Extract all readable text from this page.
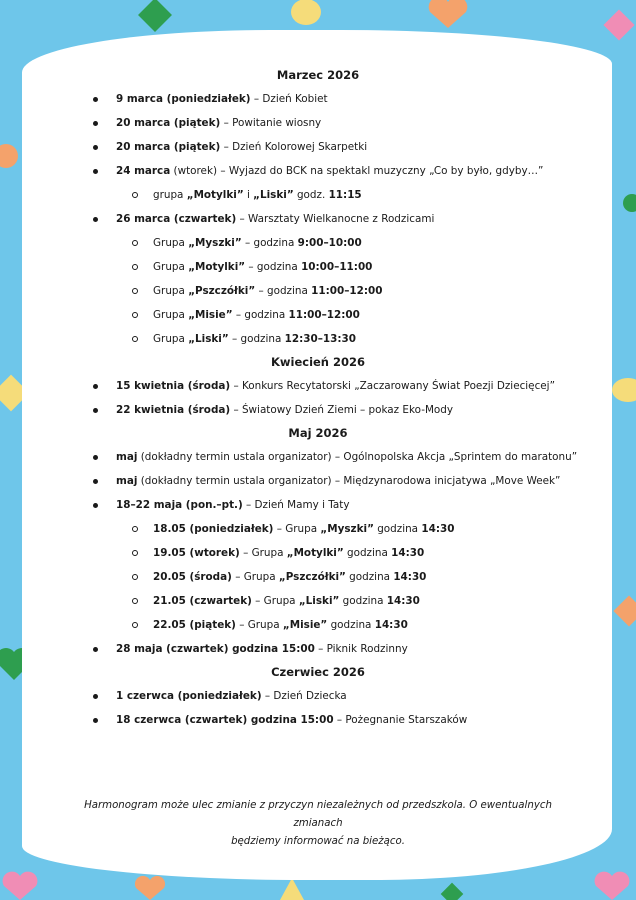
Marzec 2026
9 marca (poniedziałek) – Dzień Kobiet
20 marca (piątek) – Powitanie wiosny
20 marca (piątek) – Dzień Kolorowej Skarpetki
24 marca (wtorek) – Wyjazd do BCK na spektakl muzyczny „Co by było, gdyby…”
grupa „Motylki” i „Liski” godz. 11:15
26 marca (czwartek) – Warsztaty Wielkanocne z Rodzicami
Grupa „Myszki” – godzina 9:00–10:00
Grupa „Motylki” – godzina 10:00–11:00
Grupa „Pszczółki” – godzina 11:00–12:00
Grupa „Misie” – godzina 11:00–12:00
Grupa „Liski” – godzina 12:30–13:30
Kwiecień 2026
15 kwietnia (środa) – Konkurs Recytatorski „Zaczarowany Świat Poezji Dziecięcej”
22 kwietnia (środa) – Światowy Dzień Ziemi – pokaz Eko-Mody
Maj 2026
maj (dokładny termin ustala organizator) – Ogólnopolska Akcja „Sprintem do maratonu”
maj (dokładny termin ustala organizator) – Międzynarodowa inicjatywa „Move Week”
18–22 maja (pon.–pt.) – Dzień Mamy i Taty
18.05 (poniedziałek) – Grupa „Myszki” godzina 14:30
19.05 (wtorek) – Grupa „Motylki” godzina 14:30
20.05 (środa) – Grupa „Pszczółki” godzina 14:30
21.05 (czwartek) – Grupa „Liski” godzina 14:30
22.05 (piątek) – Grupa „Misie” godzina 14:30
28 maja (czwartek) godzina 15:00 – Piknik Rodzinny
Czerwiec 2026
1 czerwca (poniedziałek) – Dzień Dziecka
18 czerwca (czwartek) godzina 15:00 – Pożegnanie Starszaków
Harmonogram może ulec zmianie z przyczyn niezależnych od przedszkola. O ewentualnych zmianach
będziemy informować na bieżąco.
